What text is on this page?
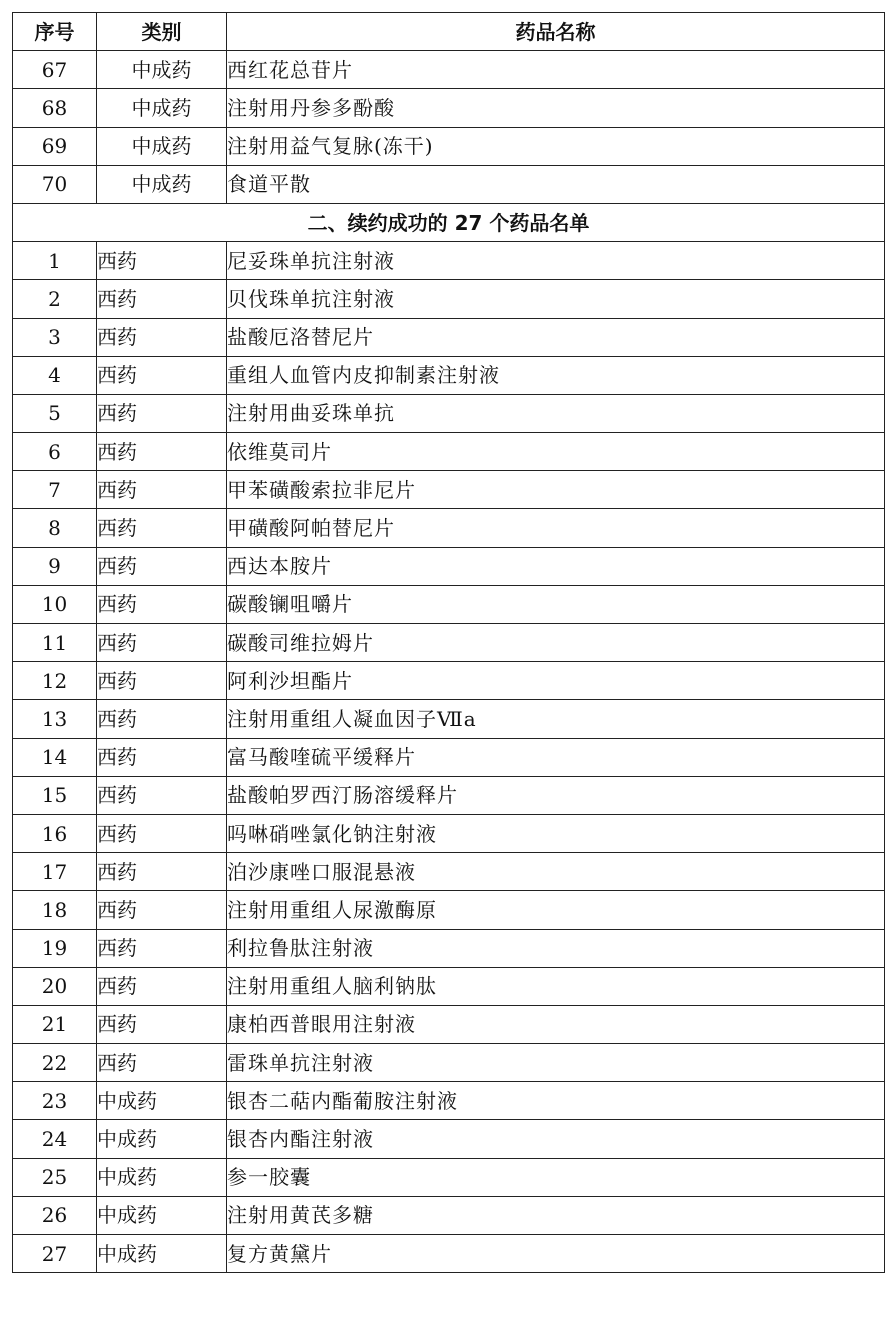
序号	类别	药品名称
67	中成药	西红花总苷片
68	中成药	注射用丹参多酚酸
69	中成药	注射用益气复脉(冻干)
70	中成药	食道平散
二、续约成功的 27 个药品名单		
1	西药	尼妥珠单抗注射液
2	西药	贝伐珠单抗注射液
3	西药	盐酸厄洛替尼片
4	西药	重组人血管内皮抑制素注射液
5	西药	注射用曲妥珠单抗
6	西药	依维莫司片
7	西药	甲苯磺酸索拉非尼片
8	西药	甲磺酸阿帕替尼片
9	西药	西达本胺片
10	西药	碳酸镧咀嚼片
11	西药	碳酸司维拉姆片
12	西药	阿利沙坦酯片
13	西药	注射用重组人凝血因子Ⅶa
14	西药	富马酸喹硫平缓释片
15	西药	盐酸帕罗西汀肠溶缓释片
16	西药	吗啉硝唑氯化钠注射液
17	西药	泊沙康唑口服混悬液
18	西药	注射用重组人尿激酶原
19	西药	利拉鲁肽注射液
20	西药	注射用重组人脑利钠肽
21	西药	康柏西普眼用注射液
22	西药	雷珠单抗注射液
23	中成药	银杏二萜内酯葡胺注射液
24	中成药	银杏内酯注射液
25	中成药	参一胶囊
26	中成药	注射用黄芪多糖
27	中成药	复方黄黛片
